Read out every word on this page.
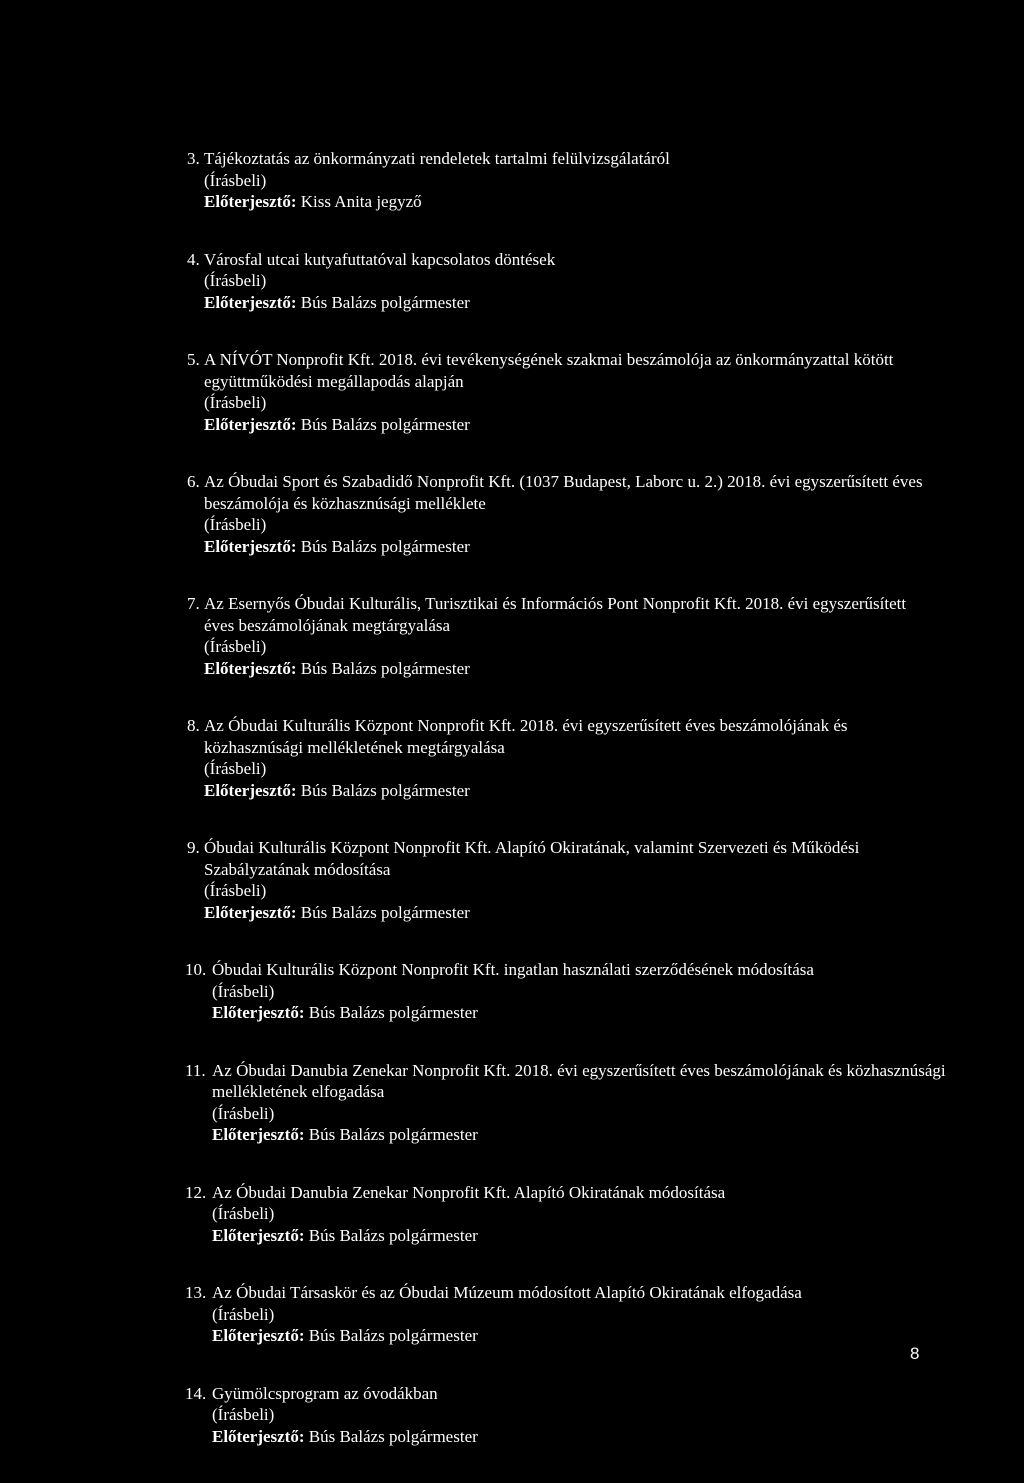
3. Tájékoztatás az önkormányzati rendeletek tartalmi felülvizsgálatáról
(Írásbeli)
Előterjesztő: Kiss Anita jegyző
4. Városfal utcai kutyafuttatóval kapcsolatos döntések
(Írásbeli)
Előterjesztő: Bús Balázs polgármester
5. A NÍVÓT Nonprofit Kft. 2018. évi tevékenységének szakmai beszámolója az önkormányzattal kötött együttműködési megállapodás alapján
(Írásbeli)
Előterjesztő: Bús Balázs polgármester
6. Az Óbudai Sport és Szabadidő Nonprofit Kft. (1037 Budapest, Laborc u. 2.) 2018. évi egyszerűsített éves beszámolója és közhasznúsági melléklete
(Írásbeli)
Előterjesztő: Bús Balázs polgármester
7. Az Esernyős Óbudai Kulturális, Turisztikai és Információs Pont Nonprofit Kft. 2018. évi egyszerűsített éves beszámolójának megtárgyalása
(Írásbeli)
Előterjesztő: Bús Balázs polgármester
8. Az Óbudai Kulturális Központ Nonprofit Kft. 2018. évi egyszerűsített éves beszámolójának és közhasznúsági mellékletének megtárgyalása
(Írásbeli)
Előterjesztő: Bús Balázs polgármester
9. Óbudai Kulturális Központ Nonprofit Kft. Alapító Okiratának, valamint Szervezeti és Működési Szabályzatának módosítása
(Írásbeli)
Előterjesztő: Bús Balázs polgármester
10. Óbudai Kulturális Központ Nonprofit Kft. ingatlan használati szerződésének módosítása
(Írásbeli)
Előterjesztő: Bús Balázs polgármester
11. Az Óbudai Danubia Zenekar Nonprofit Kft. 2018. évi egyszerűsített éves beszámolójának és közhasznúsági mellékletének elfogadása
(Írásbeli)
Előterjesztő: Bús Balázs polgármester
12. Az Óbudai Danubia Zenekar Nonprofit Kft. Alapító Okiratának módosítása
(Írásbeli)
Előterjesztő: Bús Balázs polgármester
13. Az Óbudai Társaskör és az Óbudai Múzeum módosított Alapító Okiratának elfogadása
(Írásbeli)
Előterjesztő: Bús Balázs polgármester
14. Gyümölcsprogram az óvodákban
(Írásbeli)
Előterjesztő: Bús Balázs polgármester
8
